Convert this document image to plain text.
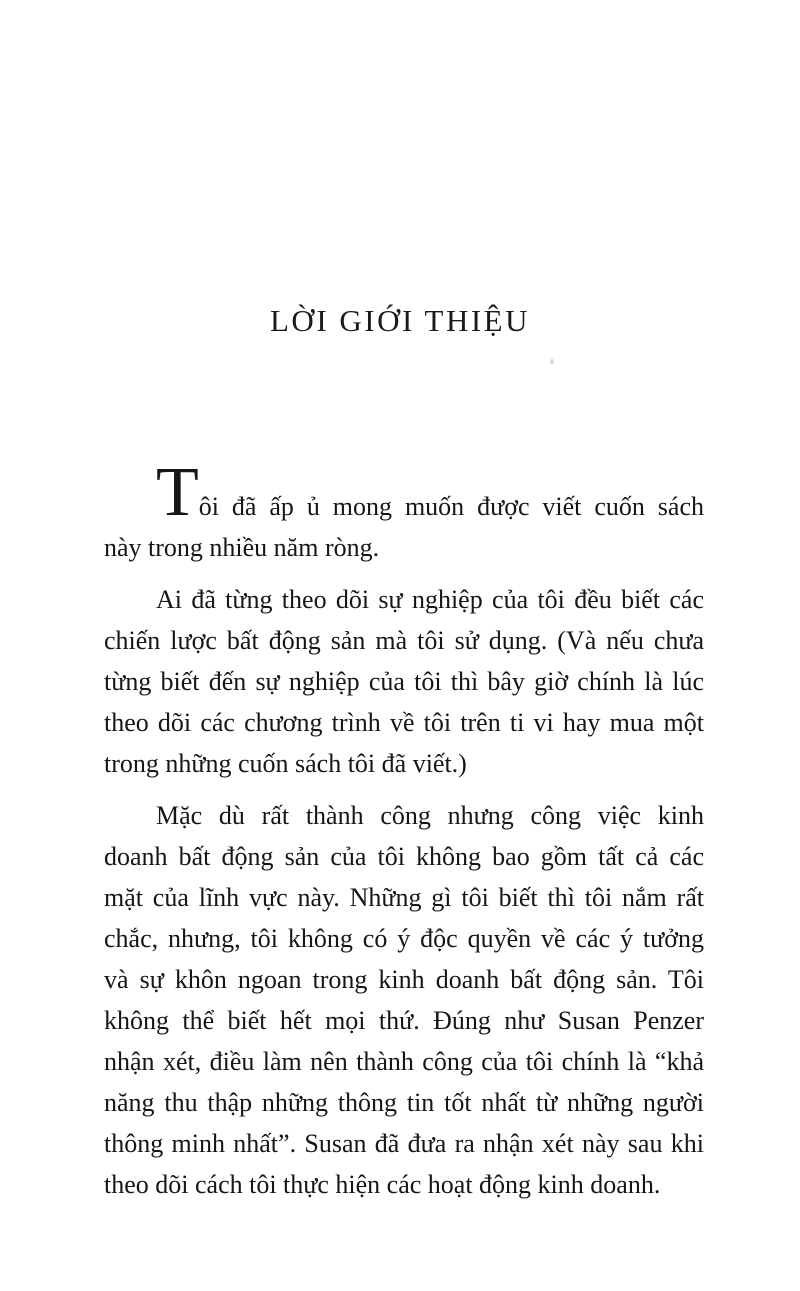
LỜI GIỚI THIỆU
Tôi đã ấp ủ mong muốn được viết cuốn sách
này trong nhiều năm ròng.
Ai đã từng theo dõi sự nghiệp của tôi đều biết các
chiến lược bất động sản mà tôi sử dụng. (Và nếu chưa
từng biết đến sự nghiệp của tôi thì bây giờ chính là lúc
theo dõi các chương trình về tôi trên ti vi hay mua một
trong những cuốn sách tôi đã viết.)
Mặc dù rất thành công nhưng công việc kinh
doanh bất động sản của tôi không bao gồm tất cả các
mặt của lĩnh vực này. Những gì tôi biết thì tôi nắm rất
chắc, nhưng, tôi không có ý độc quyền về các ý tưởng
và sự khôn ngoan trong kinh doanh bất động sản. Tôi
không thể biết hết mọi thứ. Đúng như Susan Penzer
nhận xét, điều làm nên thành công của tôi chính là “khả
năng thu thập những thông tin tốt nhất từ những người
thông minh nhất”. Susan đã đưa ra nhận xét này sau khi
theo dõi cách tôi thực hiện các hoạt động kinh doanh.
